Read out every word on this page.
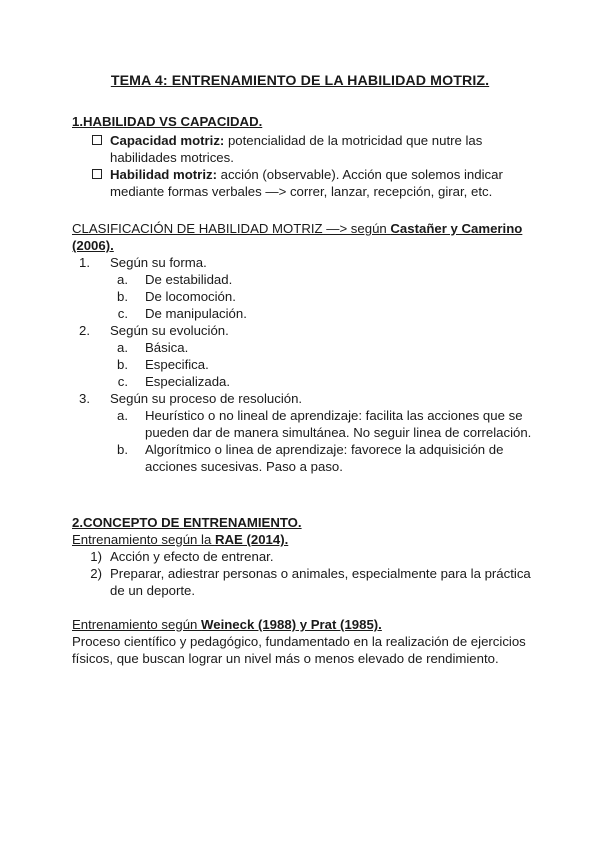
TEMA 4: ENTRENAMIENTO DE LA HABILIDAD MOTRIZ.

1.HABILIDAD VS CAPACIDAD.

Capacidad motriz: potencialidad de la motricidad que nutre las habilidades motrices.

Habilidad motriz: acción (observable). Acción que solemos indicar mediante formas verbales —> correr, lanzar, recepción, girar, etc.

CLASIFICACIÓN DE HABILIDAD MOTRIZ —> según Castañer y Camerino (2006).

1. Según su forma.

a. De estabilidad.

b. De locomoción.

c. De manipulación.

2. Según su evolución.

a. Básica.

b. Especifica.

c. Especializada.

3. Según su proceso de resolución.

a. Heurístico o no lineal de aprendizaje: facilita las acciones que se pueden dar de manera simultánea. No seguir linea de correlación.

b. Algorítmico o linea de aprendizaje: favorece la adquisición de acciones sucesivas. Paso a paso.

2.CONCEPTO DE ENTRENAMIENTO.

Entrenamiento según la RAE (2014).

1) Acción y efecto de entrenar.

2) Preparar, adiestrar personas o animales, especialmente para la práctica de un deporte.

Entrenamiento según Weineck (1988) y Prat (1985).

Proceso científico y pedagógico, fundamentado en la realización de ejercicios físicos, que buscan lograr un nivel más o menos elevado de rendimiento.
